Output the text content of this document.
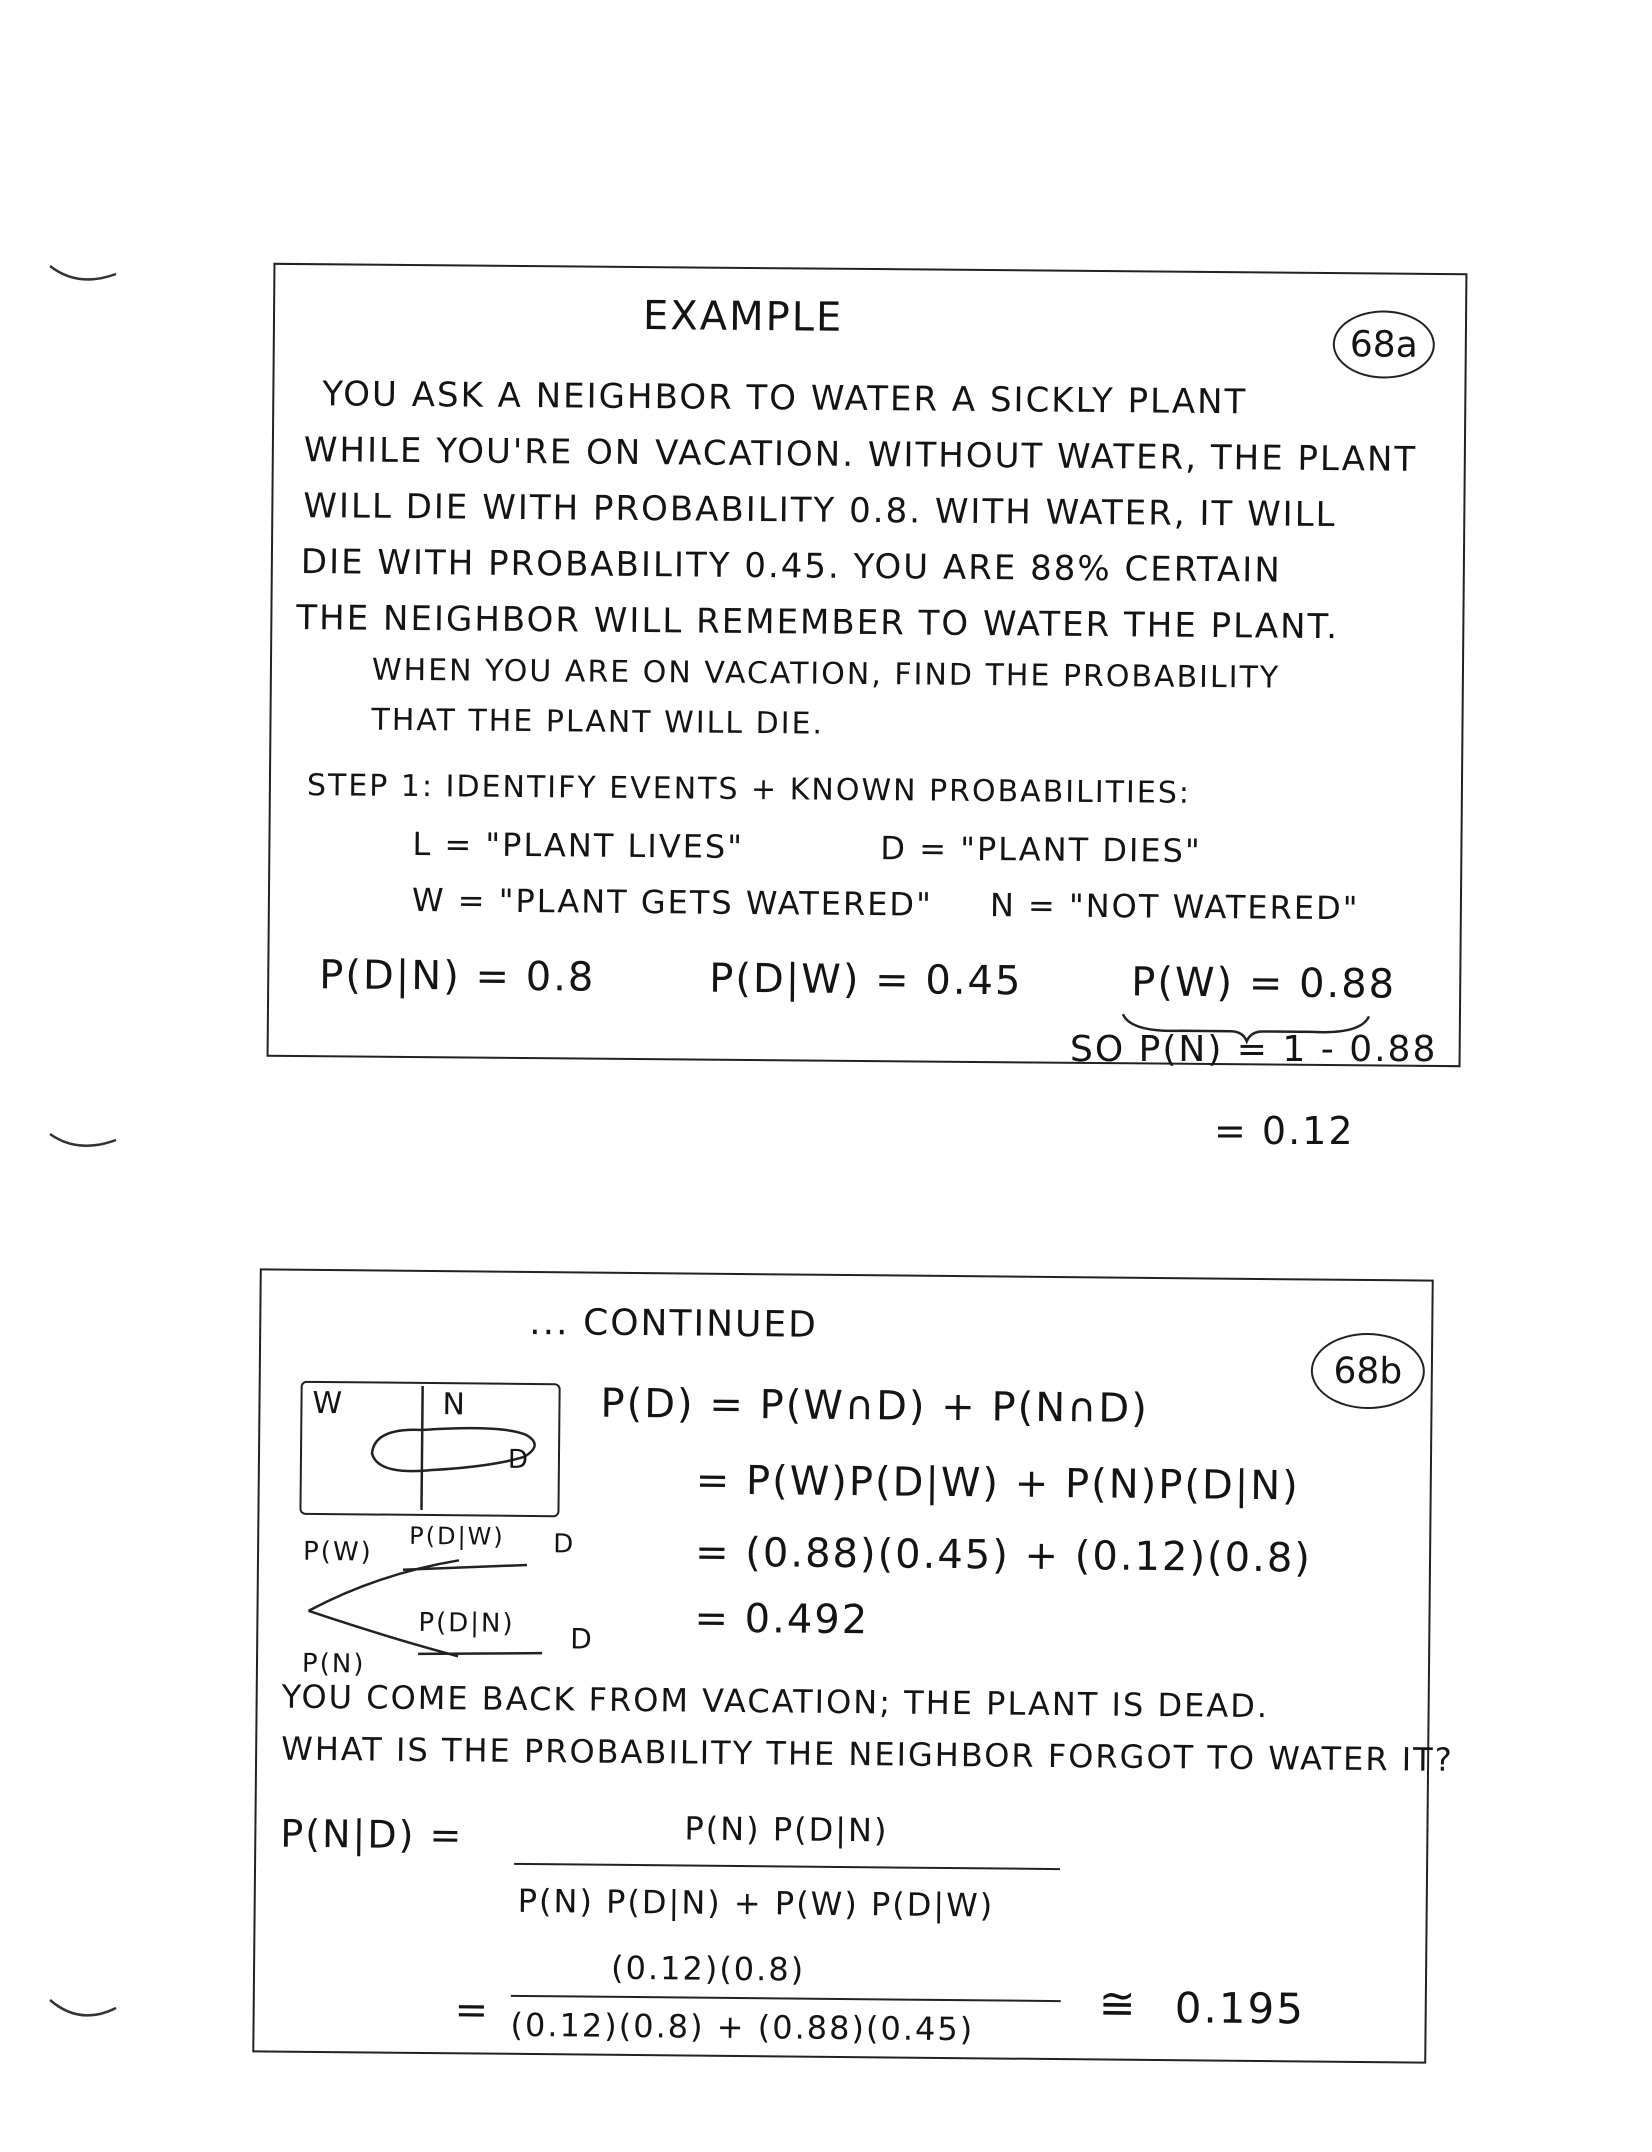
EXAMPLE
68a
YOU ASK A NEIGHBOR TO WATER A SICKLY PLANT
WHILE YOU'RE ON VACATION. WITHOUT WATER, THE PLANT
WILL DIE WITH PROBABILITY 0.8. WITH WATER, IT WILL
DIE WITH PROBABILITY 0.45. YOU ARE 88% CERTAIN
THE NEIGHBOR WILL REMEMBER TO WATER THE PLANT.
WHEN YOU ARE ON VACATION, FIND THE PROBABILITY
THAT THE PLANT WILL DIE.
STEP 1: IDENTIFY EVENTS + KNOWN PROBABILITIES:
L = "PLANT LIVES"	D = "PLANT DIES"
W = "PLANT GETS WATERED" N = "NOT WATERED"
P(D|N) = 0.8	P(D|W) = 0.45	P(W) = 0.88
SO P(N) = 1 - 0.88
= 0.12
... CONTINUED
68b
W	N
D
P(W)
P(N)
P(D|W)
P(D|N)
D
D
P(D) = P(W∩D) + P(N∩D)
= P(W)P(D|W) + P(N)P(D|N)
= (0.88)(0.45) + (0.12)(0.8)
= 0.492
YOU COME BACK FROM VACATION; THE PLANT IS DEAD.
WHAT IS THE PROBABILITY THE NEIGHBOR FORGOT TO WATER IT?
P(N|D) =	P(N) P(D|N)
P(N) P(D|N) + P(W) P(D|W)
=
(0.12)(0.8)
(0.12)(0.8) + (0.88)(0.45)	≅ 0.195
